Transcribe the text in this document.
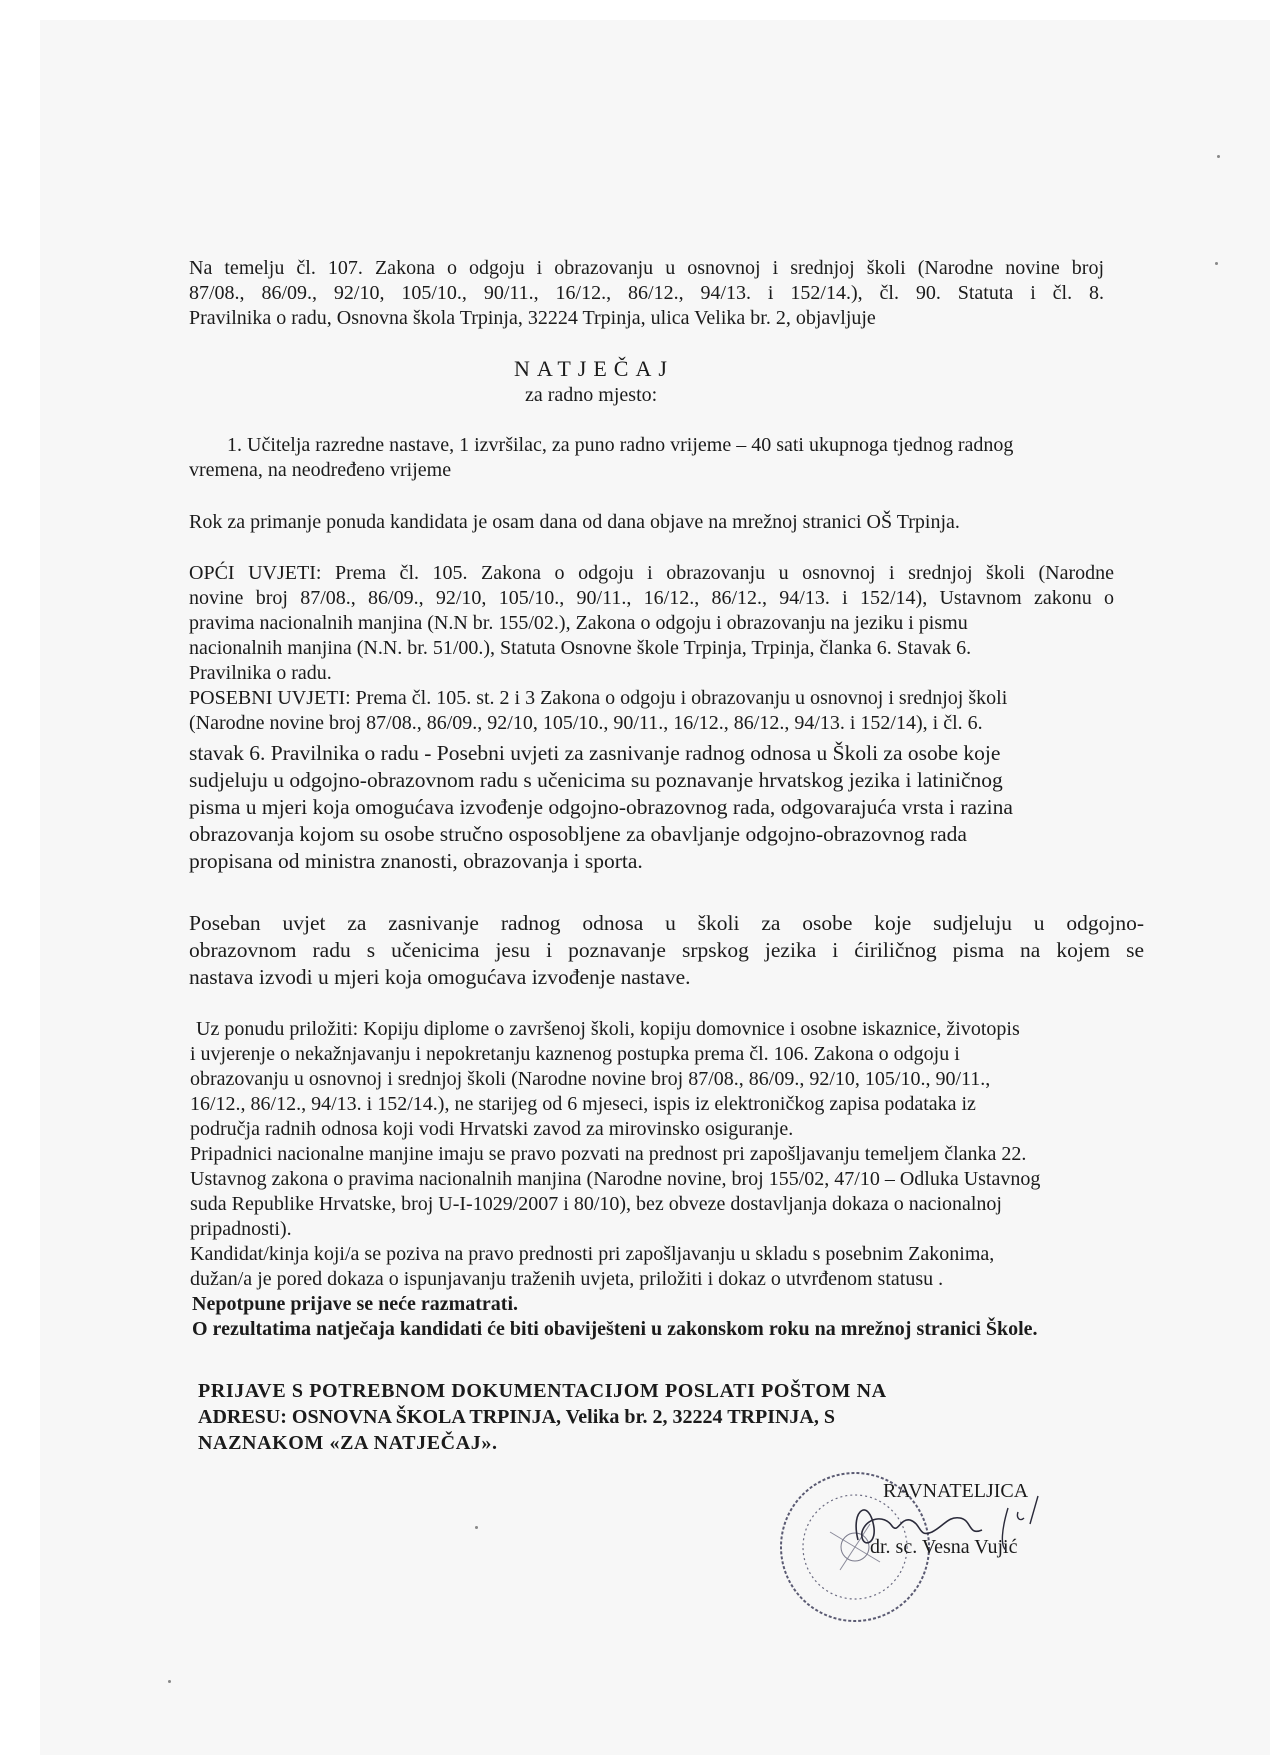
Na temelju čl. 107. Zakona o odgoju i obrazovanju u osnovnoj i srednjoj školi (Narodne novine broj
87/08., 86/09., 92/10, 105/10., 90/11., 16/12., 86/12., 94/13. i 152/14.), čl. 90. Statuta i čl. 8.
Pravilnika o radu, Osnovna škola Trpinja, 32224 Trpinja, ulica Velika br. 2, objavljuje
NATJEČAJ
za radno mjesto:
1. Učitelja razredne nastave, 1 izvršilac, za puno radno vrijeme – 40 sati ukupnoga tjednog radnog
vremena, na neodređeno vrijeme
Rok za primanje ponuda kandidata je osam dana od dana objave na mrežnoj stranici OŠ Trpinja.
OPĆI UVJETI: Prema čl. 105. Zakona o odgoju i obrazovanju u osnovnoj i srednjoj školi (Narodne
novine broj 87/08., 86/09., 92/10, 105/10., 90/11., 16/12., 86/12., 94/13. i 152/14), Ustavnom zakonu o
pravima nacionalnih manjina (N.N br. 155/02.), Zakona o odgoju i obrazovanju na jeziku i pismu
nacionalnih manjina (N.N. br. 51/00.), Statuta Osnovne škole Trpinja, Trpinja, članka 6. Stavak 6.
Pravilnika o radu.
POSEBNI UVJETI: Prema čl. 105. st. 2 i 3 Zakona o odgoju i obrazovanju u osnovnoj i srednjoj školi
(Narodne novine broj 87/08., 86/09., 92/10, 105/10., 90/11., 16/12., 86/12., 94/13. i 152/14), i čl. 6.
stavak 6. Pravilnika o radu - Posebni uvjeti za zasnivanje radnog odnosa u Školi za osobe koje
sudjeluju u odgojno-obrazovnom radu s učenicima su poznavanje hrvatskog jezika i latiničnog
pisma u mjeri koja omogućava izvođenje odgojno-obrazovnog rada, odgovarajuća vrsta i razina
obrazovanja kojom su osobe stručno osposobljene za obavljanje odgojno-obrazovnog rada
propisana od ministra znanosti, obrazovanja i sporta.
Poseban uvjet za zasnivanje radnog odnosa u školi za osobe koje sudjeluju u odgojno-
obrazovnom radu s učenicima jesu i poznavanje srpskog jezika i ćiriličnog pisma na kojem se
nastava izvodi u mjeri koja omogućava izvođenje nastave.
Uz ponudu priložiti: Kopiju diplome o završenoj školi, kopiju domovnice i osobne iskaznice, životopis
i uvjerenje o nekažnjavanju i nepokretanju kaznenog postupka prema čl. 106. Zakona o odgoju i
obrazovanju u osnovnoj i srednjoj školi (Narodne novine broj 87/08., 86/09., 92/10, 105/10., 90/11.,
16/12., 86/12., 94/13. i 152/14.), ne starijeg od 6 mjeseci, ispis iz elektroničkog zapisa podataka iz
područja radnih odnosa koji vodi Hrvatski zavod za mirovinsko osiguranje.
Pripadnici nacionalne manjine imaju se pravo pozvati na prednost pri zapošljavanju temeljem članka 22.
Ustavnog zakona o pravima nacionalnih manjina (Narodne novine, broj 155/02, 47/10 – Odluka Ustavnog
suda Republike Hrvatske, broj U-I-1029/2007 i 80/10), bez obveze dostavljanja dokaza o nacionalnoj
pripadnosti).
Kandidat/kinja koji/a se poziva na pravo prednosti pri zapošljavanju u skladu s posebnim Zakonima,
dužan/a je pored dokaza o ispunjavanju traženih uvjeta, priložiti i dokaz o utvrđenom statusu .
Nepotpune prijave se neće razmatrati.
O rezultatima natječaja kandidati će biti obaviješteni u zakonskom roku na mrežnoj stranici Škole.
PRIJAVE S POTREBNOM DOKUMENTACIJOM POSLATI POŠTOM NA
ADRESU: OSNOVNA ŠKOLA TRPINJA, Velika br. 2, 32224 TRPINJA, S
NAZNAKOM «ZA NATJEČAJ».
RAVNATELJICA
dr. sc. Vesna Vujić
